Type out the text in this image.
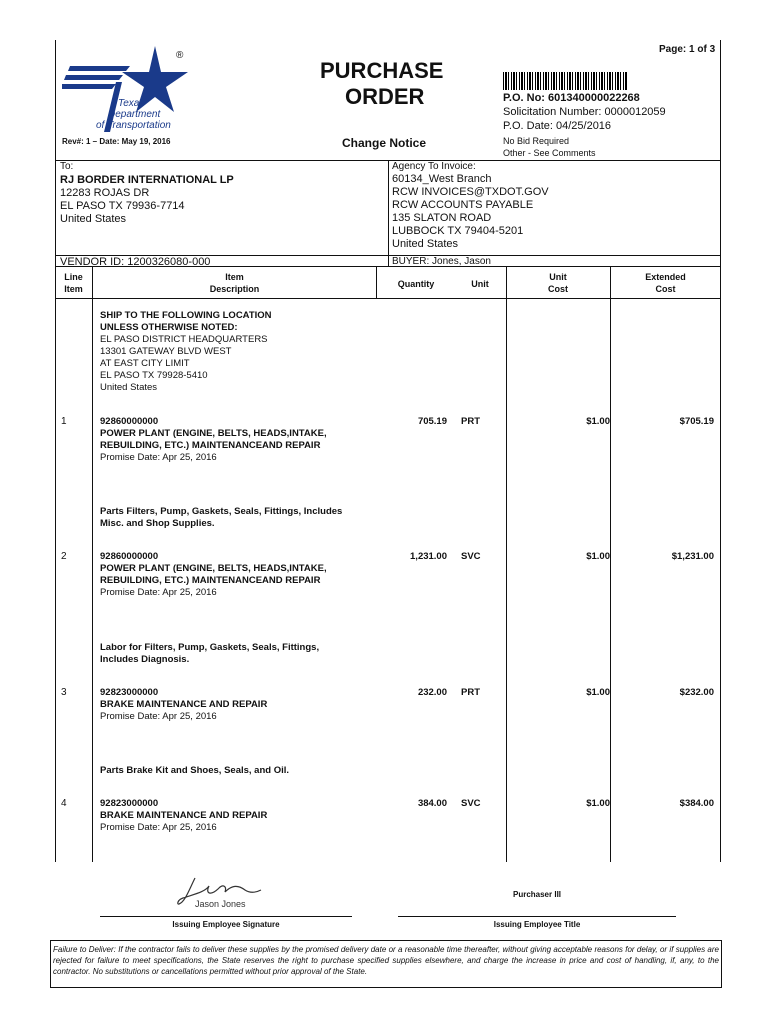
®
Texas
Department
of Transportation
Rev#: 1 – Date: May 19, 2016
PURCHASE
ORDER
Change Notice
Page: 1 of 3
P.O. No: 601340000022268
Solicitation Number: 0000012059
P.O. Date: 04/25/2016
No Bid Required
Other - See Comments
To:
RJ BORDER INTERNATIONAL LP
12283 ROJAS DR
EL PASO TX 79936-7714
United States
Agency To Invoice:
60134_West Branch
RCW INVOICES@TXDOT.GOV
RCW ACCOUNTS PAYABLE
135 SLATON ROAD
LUBBOCK TX 79404-5201
United States
VENDOR ID: 1200326080-000	BUYER: Jones, Jason
Line
Item
Item
Description	Quantity	Unit
Unit
Cost
Extended
Cost
SHIP TO THE FOLLOWING LOCATION
UNLESS OTHERWISE NOTED:
EL PASO DISTRICT HEADQUARTERS
13301 GATEWAY BLVD WEST
AT EAST CITY LIMIT
EL PASO TX 79928-5410
United States
1	92860000000
POWER PLANT (ENGINE, BELTS, HEADS,INTAKE,
REBUILDING, ETC.) MAINTENANCEAND REPAIR
Promise Date: Apr 25, 2016
705.19 PRT	$1.00	$705.19
Parts Filters, Pump, Gaskets, Seals, Fittings, Includes
Misc. and Shop Supplies.
2	92860000000
POWER PLANT (ENGINE, BELTS, HEADS,INTAKE,
REBUILDING, ETC.) MAINTENANCEAND REPAIR
Promise Date: Apr 25, 2016
1,231.00 SVC	$1.00	$1,231.00
Labor for Filters, Pump, Gaskets, Seals, Fittings,
Includes Diagnosis.
3	92823000000
BRAKE MAINTENANCE AND REPAIR
Promise Date: Apr 25, 2016
232.00 PRT	$1.00	$232.00
Parts Brake Kit and Shoes, Seals, and Oil.
4	92823000000
BRAKE MAINTENANCE AND REPAIR
Promise Date: Apr 25, 2016
384.00 SVC	$1.00	$384.00
Jason Jones
Issuing Employee Signature
Purchaser III
Issuing Employee Title
Failure to Deliver: If the contractor fails to deliver these supplies by the promised delivery date or a reasonable time thereafter, without giving acceptable reasons for delay, or if supplies are rejected for failure to meet specifications, the State reserves the right to purchase specified supplies elsewhere, and charge the increase in price and cost of handling, if, any, to the contractor. No substitutions or cancellations permitted without prior approval of the State.
